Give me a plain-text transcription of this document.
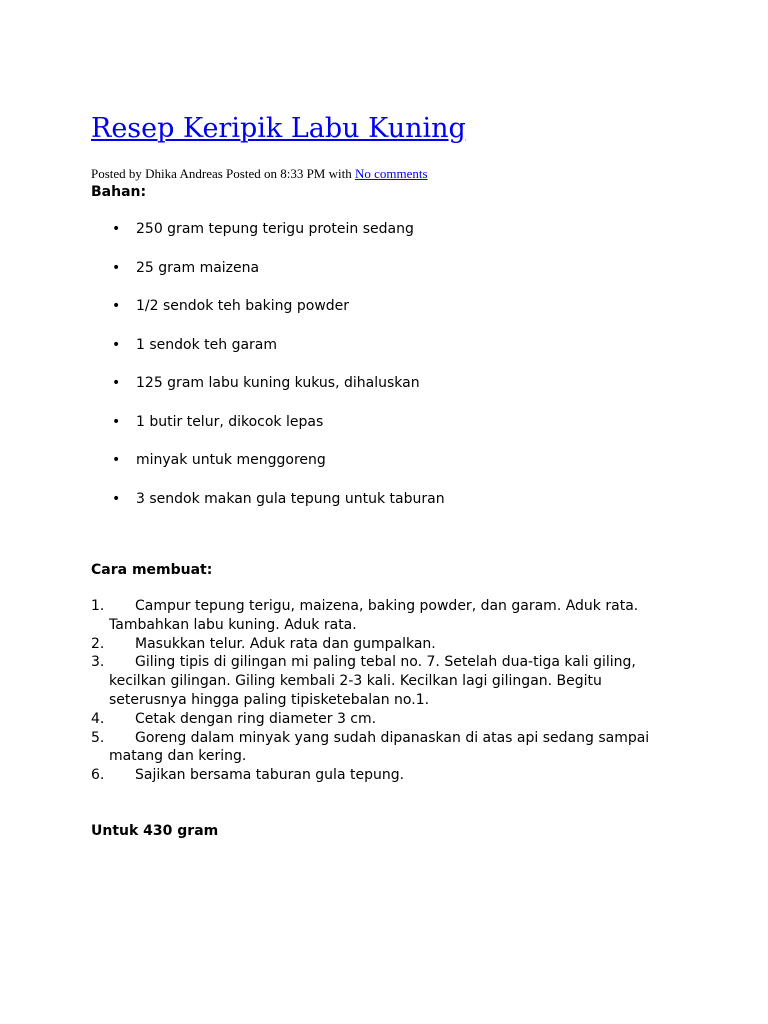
Resep Keripik Labu Kuning
Posted by Dhika Andreas Posted on 8:33 PM with No comments

Bahan:

• 250 gram tepung terigu protein sedang
• 25 gram maizena
• 1/2 sendok teh baking powder
• 1 sendok teh garam
• 125 gram labu kuning kukus, dihaluskan
• 1 butir telur, dikocok lepas
• minyak untuk menggoreng
• 3 sendok makan gula tepung untuk taburan

Cara membuat:

1. Campur tepung terigu, maizena, baking powder, dan garam. Aduk rata. Tambahkan labu kuning. Aduk rata.
2. Masukkan telur. Aduk rata dan gumpalkan.
3. Giling tipis di gilingan mi paling tebal no. 7. Setelah dua-tiga kali giling, kecilkan gilingan. Giling kembali 2-3 kali. Kecilkan lagi gilingan. Begitu seterusnya hingga paling tipisketebalan no.1.
4. Cetak dengan ring diameter 3 cm.
5. Goreng dalam minyak yang sudah dipanaskan di atas api sedang sampai matang dan kering.
6. Sajikan bersama taburan gula tepung.

Untuk 430 gram
